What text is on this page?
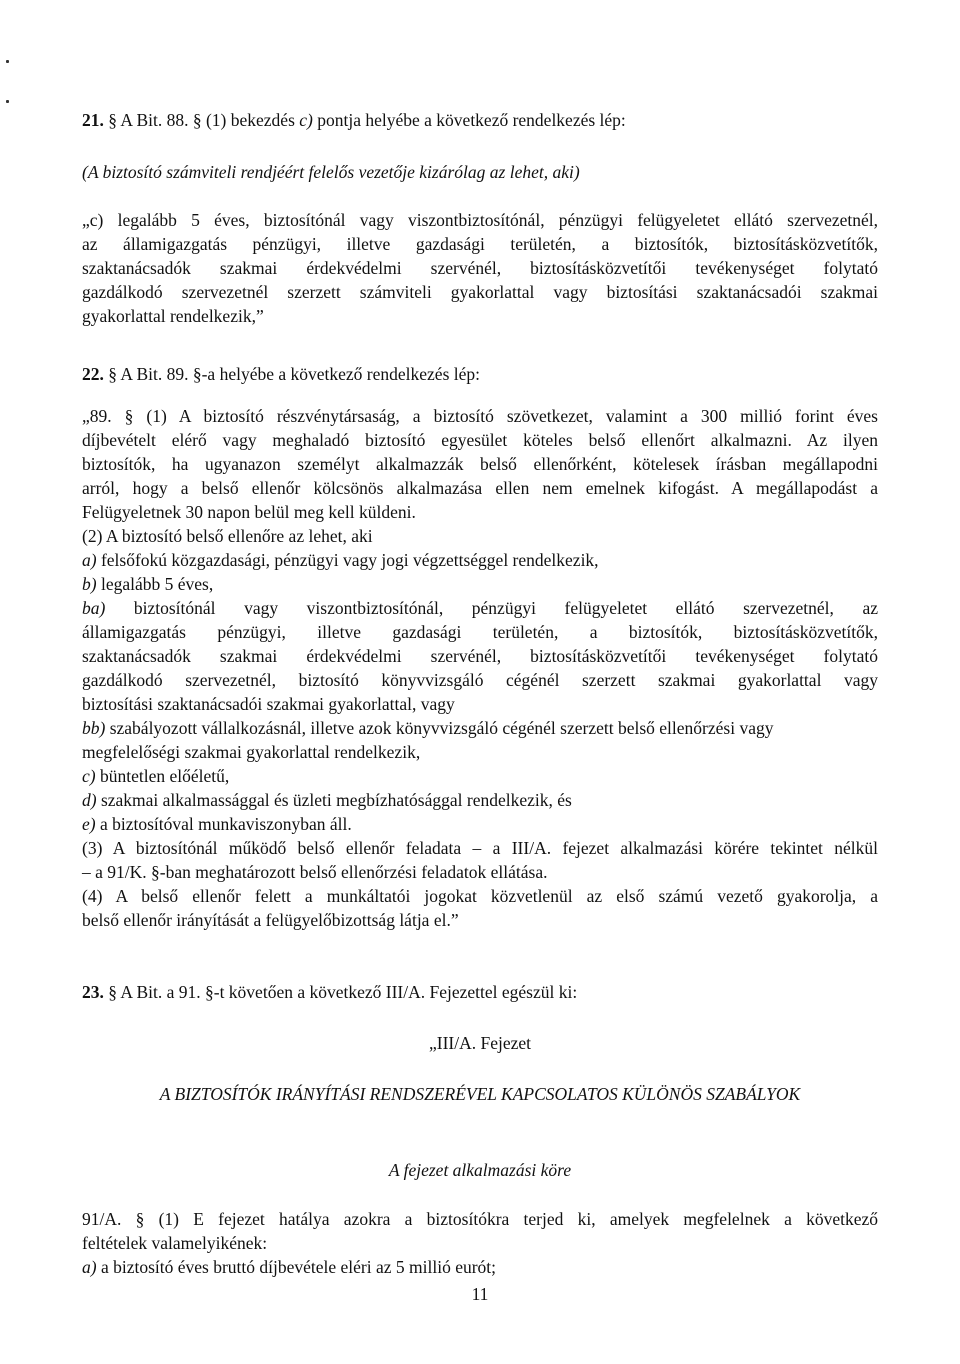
21. § A Bit. 88. § (1) bekezdés c) pontja helyébe a következő rendelkezés lép:
(A biztosító számviteli rendjéért felelős vezetője kizárólag az lehet, aki)
„c) legalább 5 éves, biztosítónál vagy viszontbiztosítónál, pénzügyi felügyeletet ellátó szervezetnél,
az államigazgatás pénzügyi, illetve gazdasági területén, a biztosítók, biztosításközvetítők,
szaktanácsadók szakmai érdekvédelmi szervénél, biztosításközvetítői tevékenységet folytató
gazdálkodó szervezetnél szerzett számviteli gyakorlattal vagy biztosítási szaktanácsadói szakmai
gyakorlattal rendelkezik,”
22. § A Bit. 89. §-a helyébe a következő rendelkezés lép:
„89. § (1) A biztosító részvénytársaság, a biztosító szövetkezet, valamint a 300 millió forint éves
díjbevételt elérő vagy meghaladó biztosító egyesület köteles belső ellenőrt alkalmazni. Az ilyen
biztosítók, ha ugyanazon személyt alkalmazzák belső ellenőrként, kötelesek írásban megállapodni
arról, hogy a belső ellenőr kölcsönös alkalmazása ellen nem emelnek kifogást. A megállapodást a
Felügyeletnek 30 napon belül meg kell küldeni.
(2) A biztosító belső ellenőre az lehet, aki
a) felsőfokú közgazdasági, pénzügyi vagy jogi végzettséggel rendelkezik,
b) legalább 5 éves,
ba) biztosítónál vagy viszontbiztosítónál, pénzügyi felügyeletet ellátó szervezetnél, az
államigazgatás pénzügyi, illetve gazdasági területén, a biztosítók, biztosításközvetítők,
szaktanácsadók szakmai érdekvédelmi szervénél, biztosításközvetítői tevékenységet folytató
gazdálkodó szervezetnél, biztosító könyvvizsgáló cégénél szerzett szakmai gyakorlattal vagy
biztosítási szaktanácsadói szakmai gyakorlattal, vagy
bb) szabályozott vállalkozásnál, illetve azok könyvvizsgáló cégénél szerzett belső ellenőrzési vagy
megfelelőségi szakmai gyakorlattal rendelkezik,
c) büntetlen előéletű,
d) szakmai alkalmassággal és üzleti megbízhatósággal rendelkezik, és
e) a biztosítóval munkaviszonyban áll.
(3) A biztosítónál működő belső ellenőr feladata – a III/A. fejezet alkalmazási körére tekintet nélkül
– a 91/K. §-ban meghatározott belső ellenőrzési feladatok ellátása.
(4) A belső ellenőr felett a munkáltatói jogokat közvetlenül az első számú vezető gyakorolja, a
belső ellenőr irányítását a felügyelőbizottság látja el.”
23. § A Bit. a 91. §-t követően a következő III/A. Fejezettel egészül ki:
„III/A. Fejezet
A BIZTOSÍTÓK IRÁNYÍTÁSI RENDSZERÉVEL KAPCSOLATOS KÜLÖNÖS SZABÁLYOK
A fejezet alkalmazási köre
91/A. § (1) E fejezet hatálya azokra a biztosítókra terjed ki, amelyek megfelelnek a következő
feltételek valamelyikének:
a) a biztosító éves bruttó díjbevétele eléri az 5 millió eurót;
11
